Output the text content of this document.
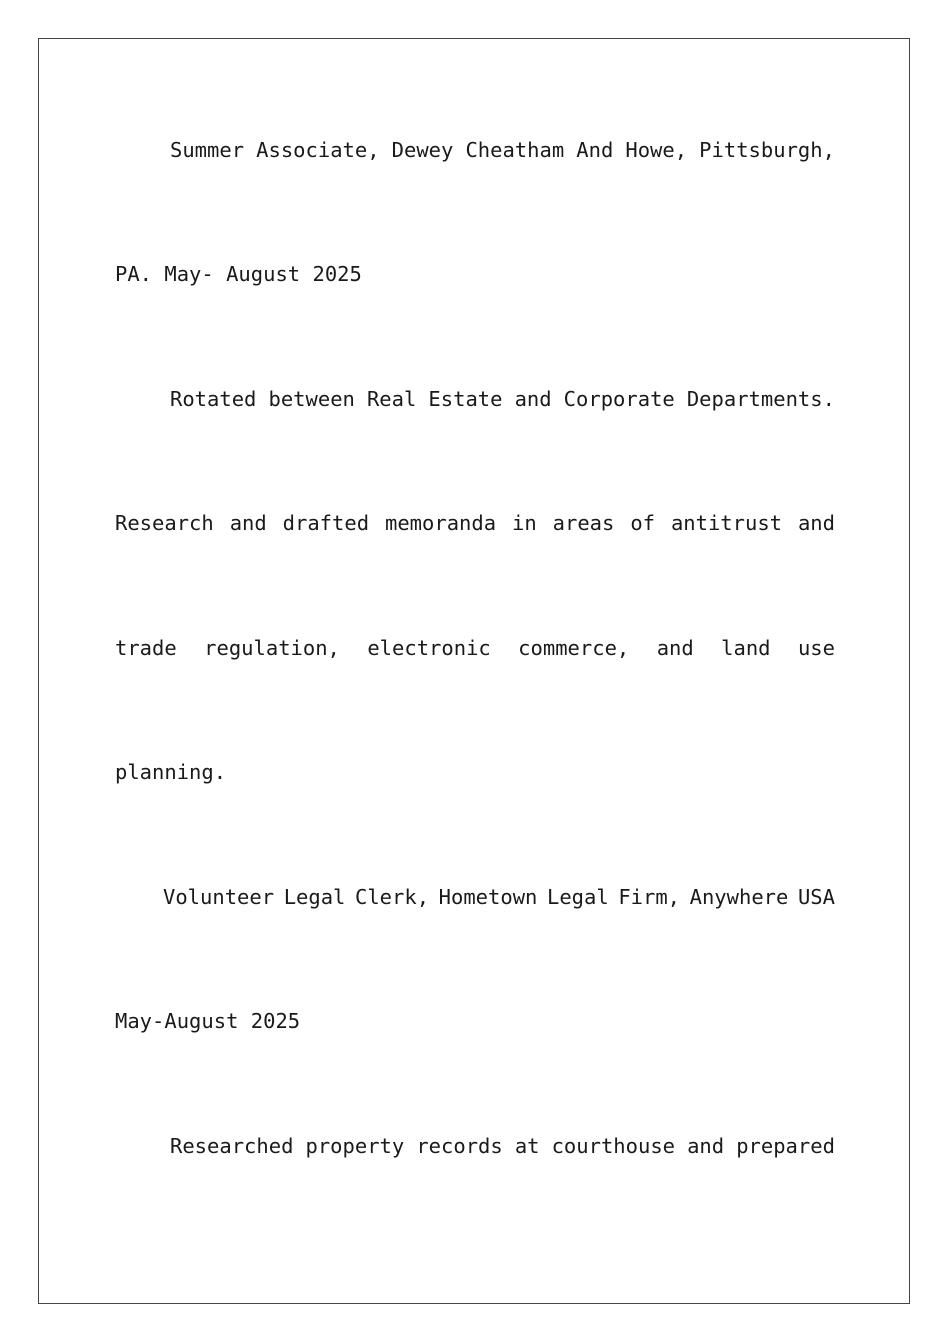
Summer Associate, Dewey Cheatham And Howe, Pittsburgh,
PA. May- August 2025
Rotated between Real Estate and Corporate Departments.
Research and drafted memoranda in areas of antitrust and
trade regulation, electronic commerce, and land use
planning.
Volunteer Legal Clerk, Hometown Legal Firm, Anywhere USA
May-August 2025
Researched property records at courthouse and prepared
